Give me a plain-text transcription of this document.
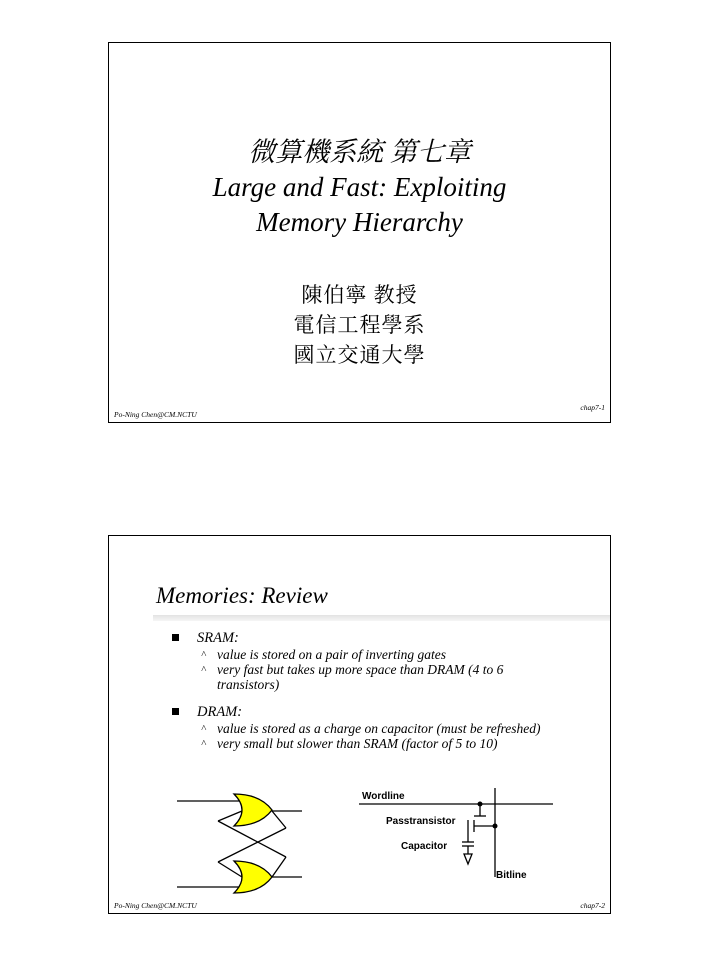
微算機系統 第七章
Large and Fast: Exploiting
Memory Hierarchy
陳伯寧 教授
電信工程學系
國立交通大學
Po-Ning Chen@CM.NCTU
chap7-1
Memories: Review
SRAM:
˄ value is stored on a pair of inverting gates
˄ very fast but takes up more space than DRAM (4 to 6
transistors)
DRAM:
˄ value is stored as a charge on capacitor (must be refreshed)
˄ very small but slower than SRAM (factor of 5 to 10)
Wordline
Passtransistor
Capacitor
Bitline
Po-Ning Chen@CM.NCTU	chap7-2
